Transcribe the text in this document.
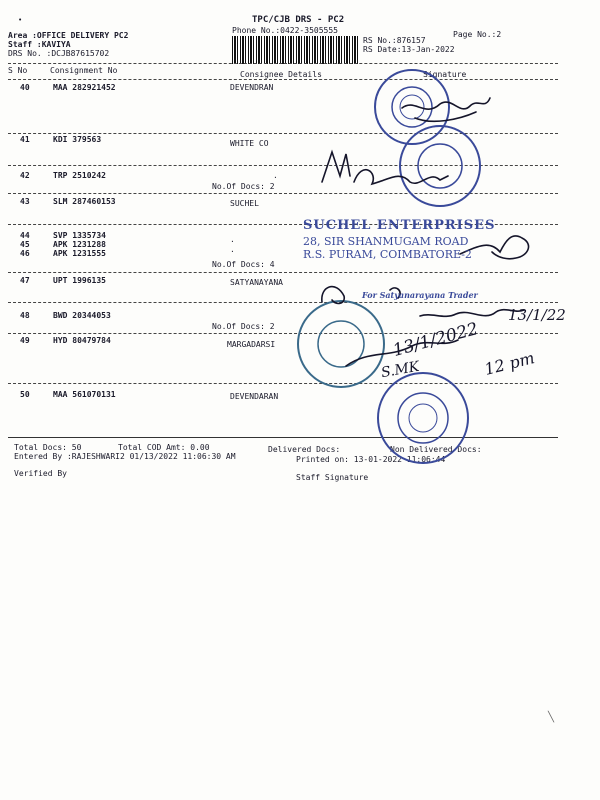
TPC/CJB DRS - PC2
Phone No.:0422-3505555
•
Area :OFFICE DELIVERY PC2
Staff :KAVIYA
DRS No. :DCJB87615702
RS No.:876157
RS Date:13-Jan-2022
Page No.:2
S No	Consignment No	Consignee Details	Signature
40	MAA 282921452	DEVENDRAN
41	KDI 379563	WHITE CO
42	TRP 2510242	·
No.Of Docs: 2
43	SLM 287460153	SUCHEL
44	SVP 1335734
45	APK 1231288
46	APK 1231555
·
·
No.Of Docs: 4
47	UPT 1996135	SATYANAYANA
48	BWD 20344053
No.Of Docs: 2
49	HYD 80479784	MARGADARSI
50	MAA 561070131	DEVENDARAN
Total Docs: 50	Total COD Amt: 0.00	Delivered Docs:	Non Delivered Docs:
Entered By :RAJESHWARI2 01/13/2022 11:06:30 AM	Printed on: 13-01-2022 11:06:44
Verified By	Staff Signature
SUCHEL ENTERPRISES
28, SIR SHANMUGAM ROAD
R.S. PURAM, COIMBATORE-2
For Satyanarayana Trader
13/1/22
13/1/2022
12 pm
S.MK
╲
